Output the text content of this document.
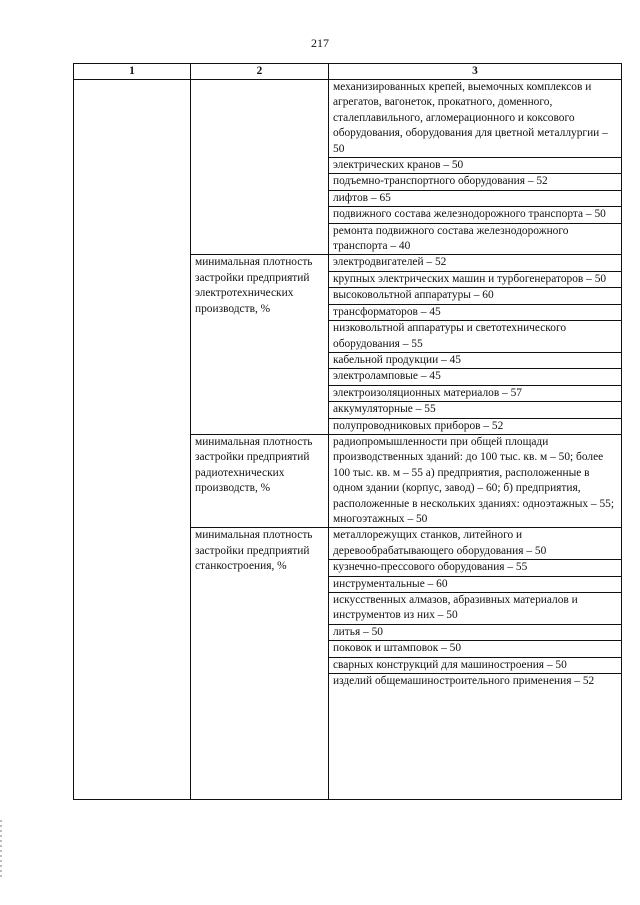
217
1	2	3
		механизированных крепей, выемочных комплексов и агрегатов, вагонеток, прокатного, доменного, сталеплавильного, агломерационного и коксового оборудования, оборудования для цветной металлургии – 50
		электрических кранов – 50
		подъемно-транспортного оборудования – 52
		лифтов – 65
		подвижного состава железнодорожного транспорта – 50
		ремонта подвижного состава железнодорожного транспорта – 40
	минимальная плотность застройки предприятий электротехнических производств, %	электродвигателей – 52
		крупных электрических машин и турбогенераторов – 50
		высоковольтной аппаратуры – 60
		трансформаторов – 45
		низковольтной аппаратуры и светотехнического оборудования – 55
		кабельной продукции – 45
		электроламповые – 45
		электроизоляционных материалов – 57
		аккумуляторные – 55
		полупроводниковых приборов – 52
	минимальная плотность застройки предприятий радиотехнических производств, %	радиопромышленности при общей площади производственных зданий: до 100 тыс. кв. м – 50; более 100 тыс. кв. м – 55 а) предприятия, расположенные в одном здании (корпус, завод) – 60; б) предприятия, расположенные в нескольких зданиях: одноэтажных – 55; многоэтажных – 50
	минимальная плотность застройки предприятий станкостроения, %	металлорежущих станков, литейного и деревообрабатывающего оборудования – 50
		кузнечно-прессового оборудования – 55
		инструментальные – 60
		искусственных алмазов, абразивных материалов и инструментов из них – 50
		литья – 50
		поковок и штамповок – 50
		сварных конструкций для машиностроения – 50
		изделий общемашиностроительного применения – 52
